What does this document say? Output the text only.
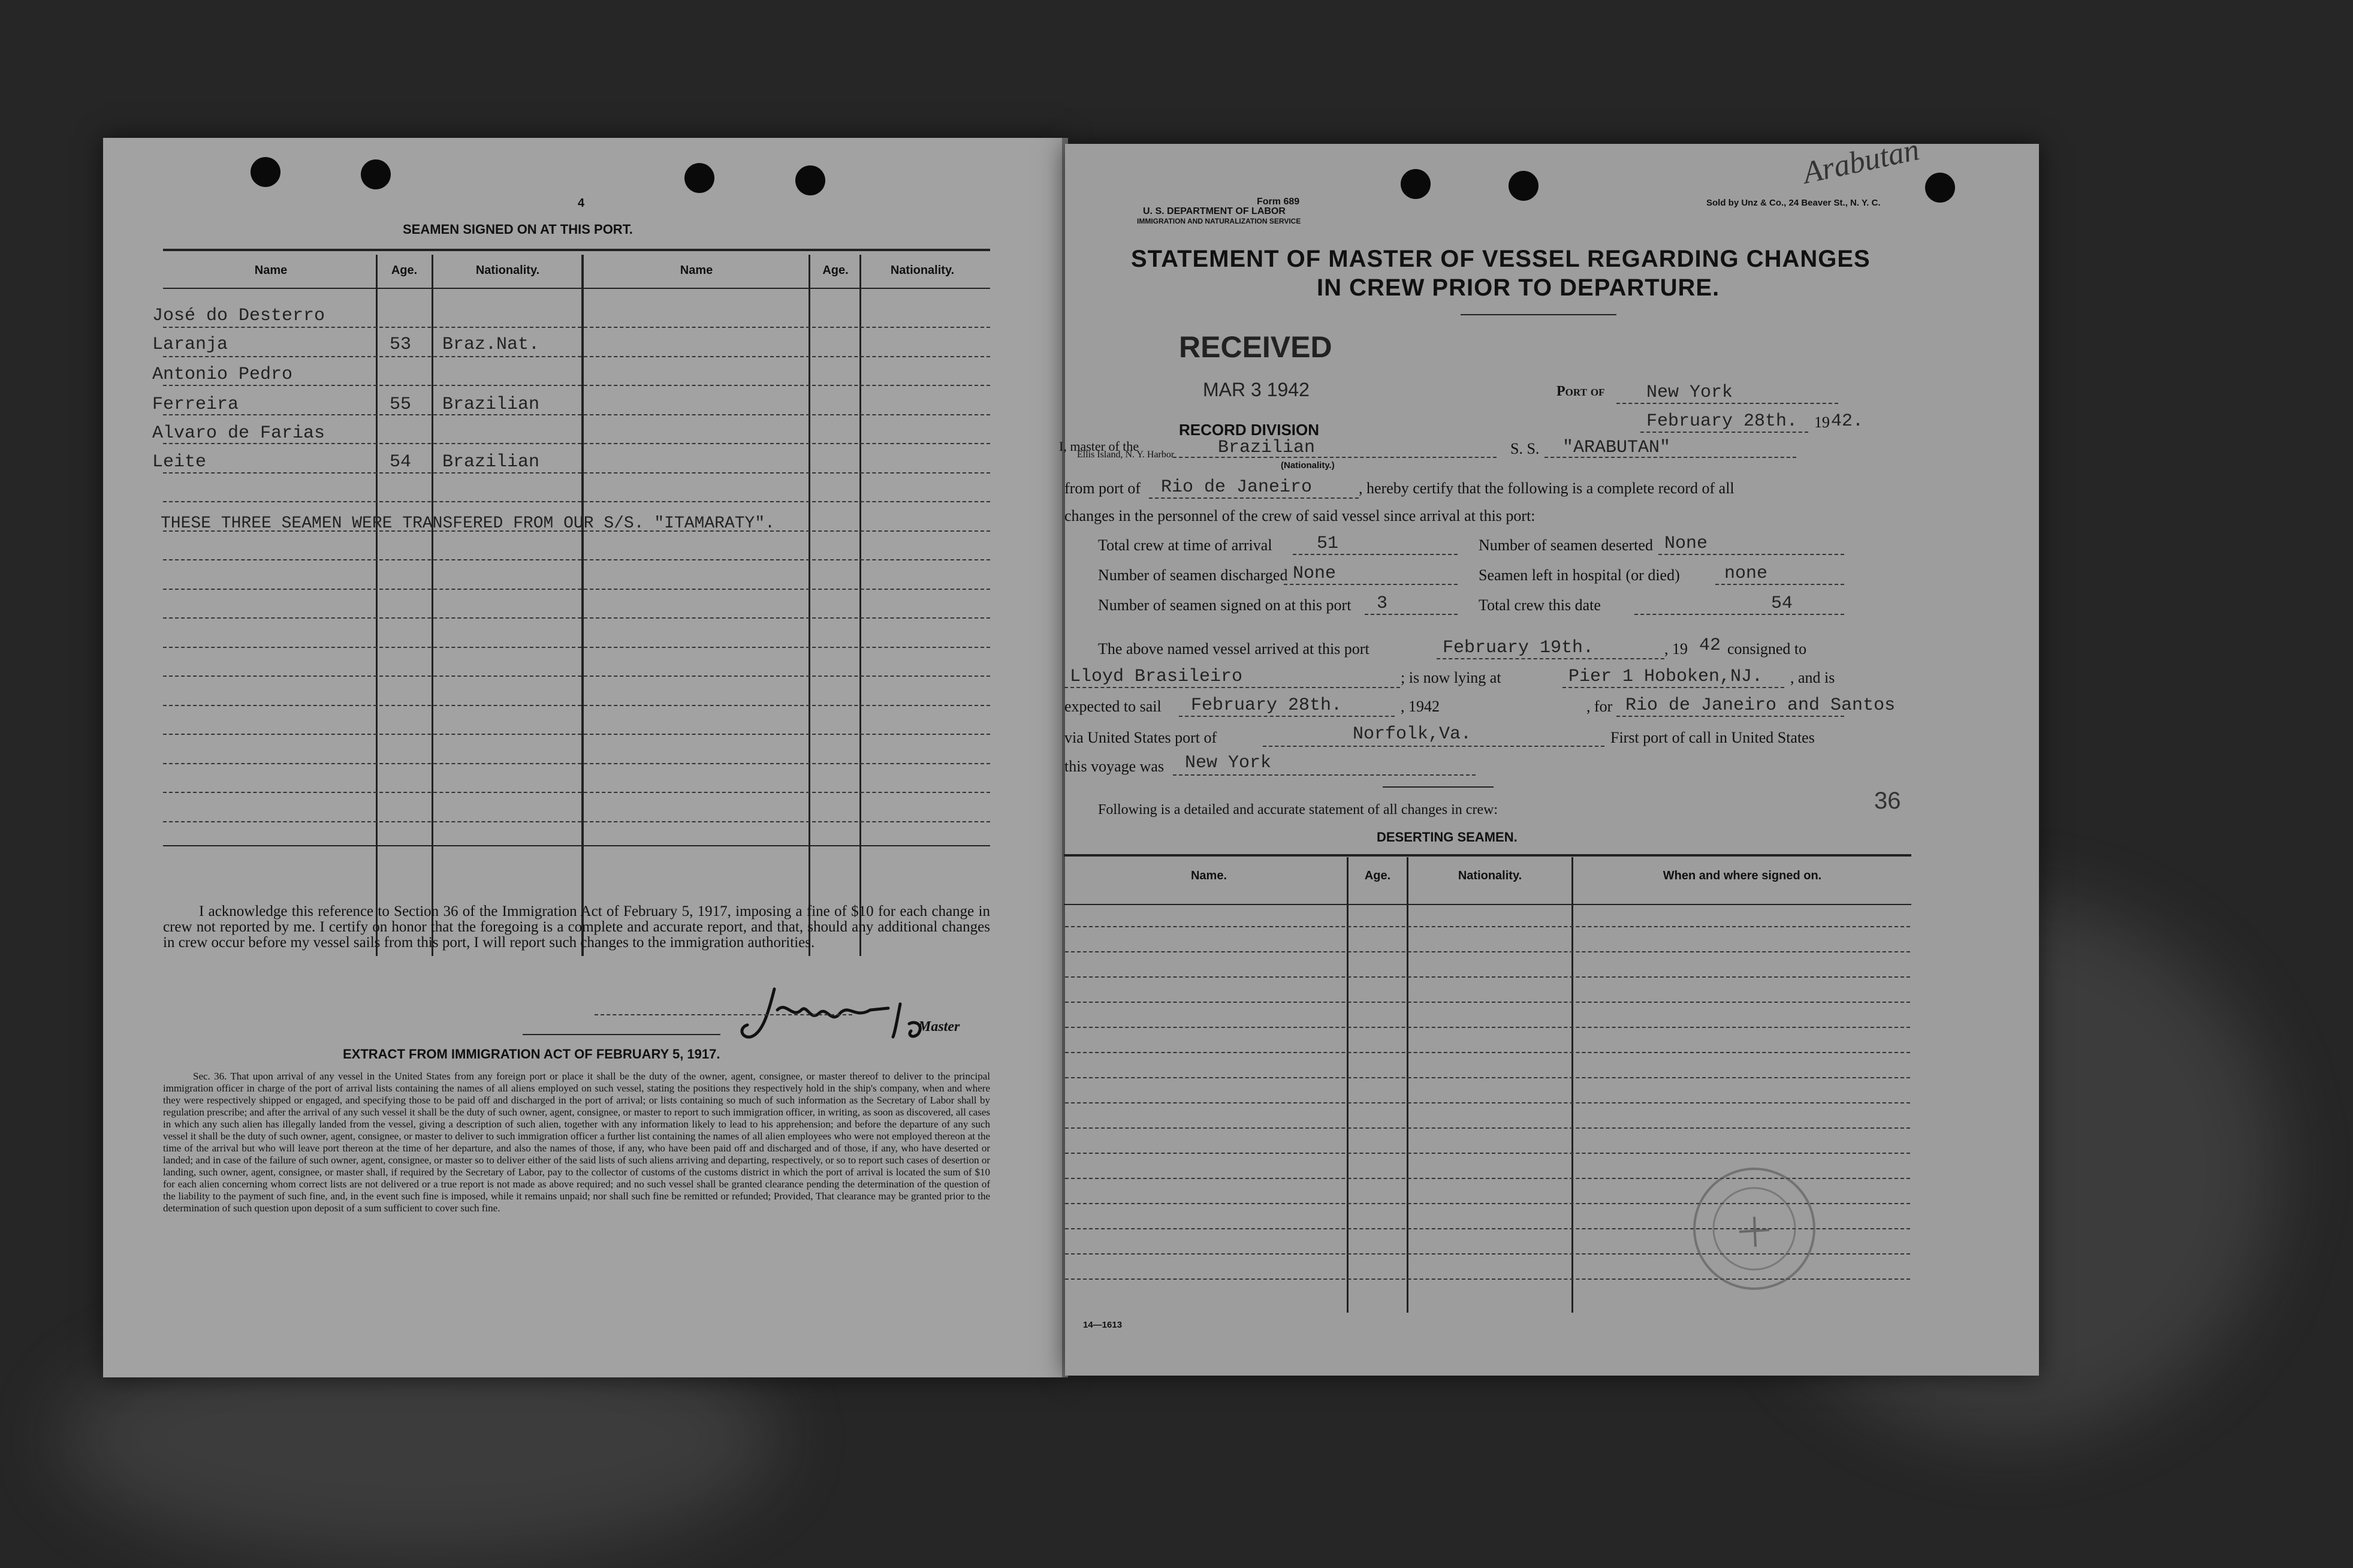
4
SEAMEN SIGNED ON AT THIS PORT.
Name	Age.	Nationality.	Name	Age.	Nationality.
José do Desterro
Laranja	53 Braz.Nat.
Antonio Pedro
Ferreira	55 Brazilian
Alvaro de Farias
Leite	54 Brazilian
THESE THREE SEAMEN WERE TRANSFERED FROM OUR S/S. "ITAMARATY".
I acknowledge this reference to Section 36 of the Immigration Act of February 5, 1917, imposing a fine of $10 for each change in crew not reported by me. I certify on honor that the foregoing is a complete and accurate report, and that, should any additional changes in crew occur before my vessel sails from this port, I will report such changes to the immigration authorities.
Master
EXTRACT FROM IMMIGRATION ACT OF FEBRUARY 5, 1917.
Sec. 36. That upon arrival of any vessel in the United States from any foreign port or place it shall be the duty of the owner, agent, consignee, or master thereof to deliver to the principal immigration officer in charge of the port of arrival lists containing the names of all aliens employed on such vessel, stating the positions they respectively hold in the ship's company, when and where they were respectively shipped or engaged, and specifying those to be paid off and discharged in the port of arrival; or lists containing so much of such information as the Secretary of Labor shall by regulation prescribe; and after the arrival of any such vessel it shall be the duty of such owner, agent, consignee, or master to report to such immigration officer, in writing, as soon as discovered, all cases in which any such alien has illegally landed from the vessel, giving a description of such alien, together with any information likely to lead to his apprehension; and before the departure of any such vessel it shall be the duty of such owner, agent, consignee, or master to deliver to such immigration officer a further list containing the names of all alien employees who were not employed thereon at the time of the arrival but who will leave port thereon at the time of her departure, and also the names of those, if any, who have been paid off and discharged and of those, if any, who have deserted or landed; and in case of the failure of such owner, agent, consignee, or master so to deliver either of the said lists of such aliens arriving and departing, respectively, or so to report such cases of desertion or landing, such owner, agent, consignee, or master shall, if required by the Secretary of Labor, pay to the collector of customs of the customs district in which the port of arrival is located the sum of $10 for each alien concerning whom correct lists are not delivered or a true report is not made as above required; and no such vessel shall be granted clearance pending the determination of the question of the liability to the payment of such fine, and, in the event such fine is imposed, while it remains unpaid; nor shall such fine be remitted or refunded; Provided, That clearance may be granted prior to the determination of such question upon deposit of a sum sufficient to cover such fine.
Form 689
U. S. DEPARTMENT OF LABOR
IMMIGRATION AND NATURALIZATION SERVICE
Sold by Unz & Co., 24 Beaver St., N. Y. C.
Arabutan
STATEMENT OF MASTER OF VESSEL REGARDING CHANGES
IN CREW PRIOR TO DEPARTURE.
RECEIVED
MAR 3 1942
RECORD DIVISION
Port of New York
February 28th. 19 42.
I, master of the
Ellis Island, N. Y. Harbor Brazilian
(Nationality.)
S. S. "ARABUTAN"
from port of Rio de Janeiro	, hereby certify that the following is a complete record of all
changes in the personnel of the crew of said vessel since arrival at this port:
Total crew at time of arrival 51	Number of seamen deserted None
Number of seamen discharged None	Seamen left in hospital (or died) none
Number of seamen signed on at this port 3	Total crew this date	54
The above named vessel arrived at this port	February 19th.	, 19 42 consigned to
Lloyd Brasileiro	; is now lying at	Pier 1 Hoboken,NJ. , and is
expected to sail February 28th.	, 1942	, for Rio de Janeiro and Santos
via United States port of	Norfolk,Va.	First port of call in United States
this voyage was New York
Following is a detailed and accurate statement of all changes in crew:	36
DESERTING SEAMEN.
Name.	Age.	Nationality.	When and where signed on.
14—1613
